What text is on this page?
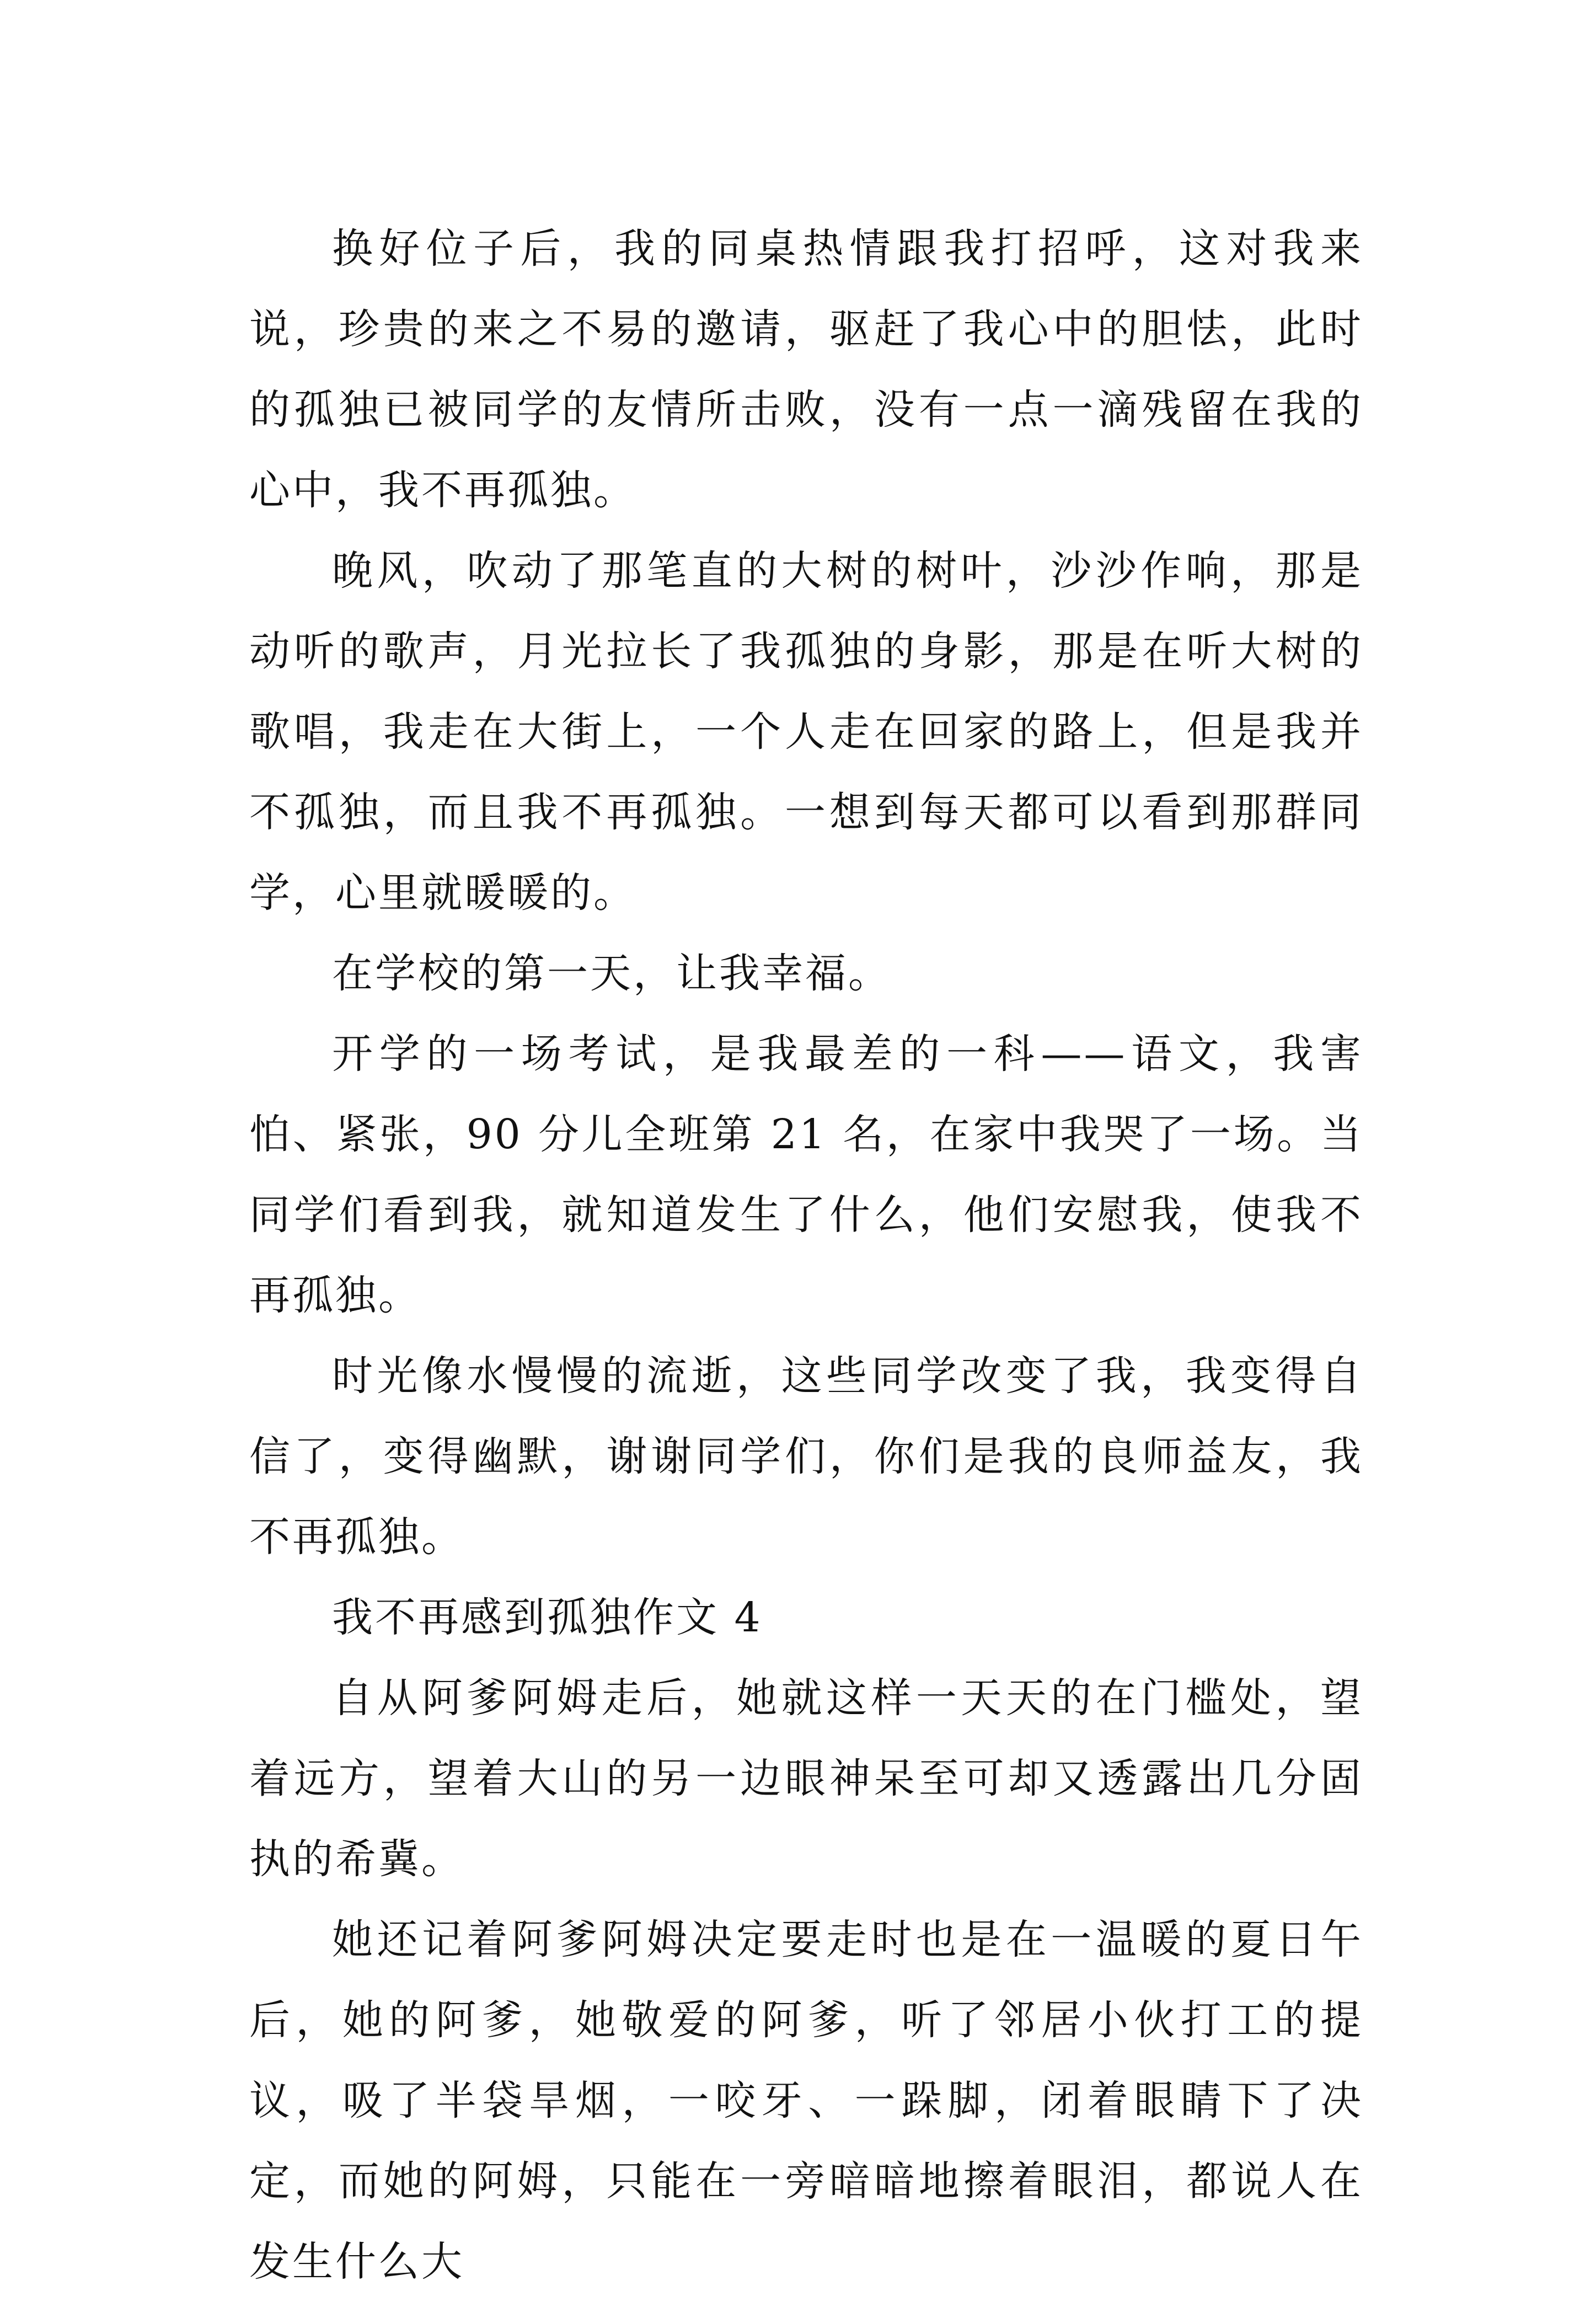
换好位子后，我的同桌热情跟我打招呼，这对我来说，珍贵的来之不易的邀请，驱赶了我心中的胆怯，此时的孤独已被同学的友情所击败，没有一点一滴残留在我的心中，我不再孤独。

晚风，吹动了那笔直的大树的树叶，沙沙作响，那是动听的歌声，月光拉长了我孤独的身影，那是在听大树的歌唱，我走在大街上，一个人走在回家的路上，但是我并不孤独，而且我不再孤独。一想到每天都可以看到那群同学，心里就暖暖的。

在学校的第一天，让我幸福。

开学的一场考试，是我最差的一科——语文，我害怕、紧张，90 分儿全班第 21 名，在家中我哭了一场。当同学们看到我，就知道发生了什么，他们安慰我，使我不再孤独。

时光像水慢慢的流逝，这些同学改变了我，我变得自信了，变得幽默，谢谢同学们，你们是我的良师益友，我不再孤独。

我不再感到孤独作文 4

自从阿爹阿姆走后，她就这样一天天的在门槛处，望着远方，望着大山的另一边眼神呆至可却又透露出几分固执的希冀。

她还记着阿爹阿姆决定要走时也是在一温暖的夏日午后，她的阿爹，她敬爱的阿爹，听了邻居小伙打工的提议，吸了半袋旱烟，一咬牙、一跺脚，闭着眼睛下了决定，而她的阿姆，只能在一旁暗暗地擦着眼泪，都说人在发生什么大
